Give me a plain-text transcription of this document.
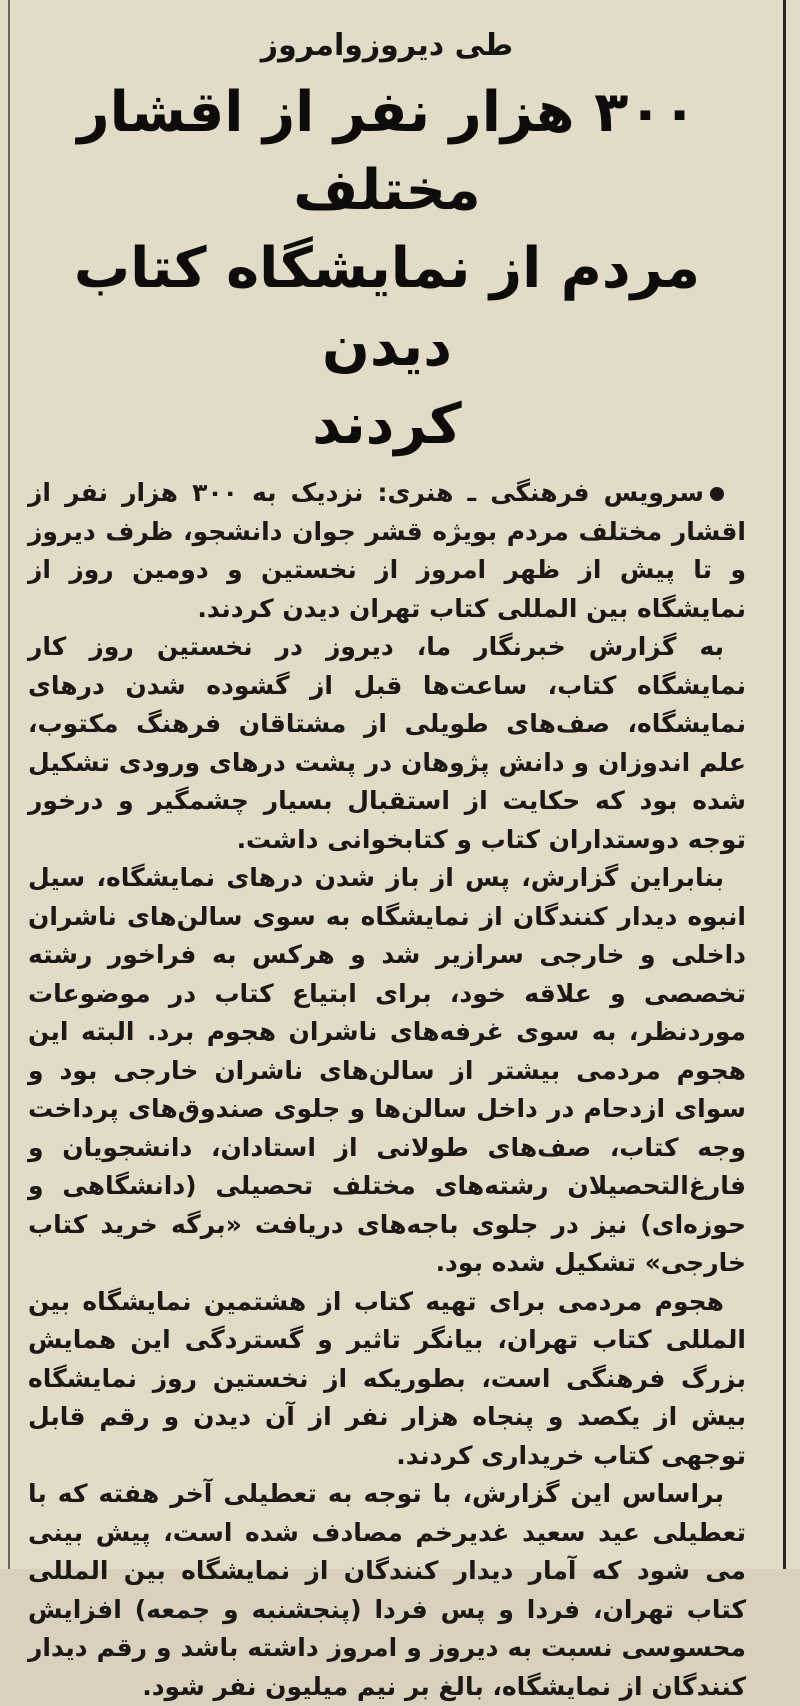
طی دیروزوامروز
۳۰۰ هزار نفر از اقشار مختلف
مردم از نمایشگاه کتاب دیدن
کردند

سرویس فرهنگی ـ هنری: نزدیک به ۳۰۰ هزار نفر از اقشار مختلف مردم بویژه قشر جوان دانشجو، ظرف دیروز و تا پیش از ظهر امروز از نخستین و دومین روز از نمایشگاه بین المللی کتاب تهران دیدن کردند.

به گزارش خبرنگار ما، دیروز در نخستین روز کار نمایشگاه کتاب، ساعت‌ها قبل از گشوده شدن درهای نمایشگاه، صف‌های طویلی از مشتاقان فرهنگ مکتوب، علم اندوزان و دانش پژوهان در پشت درهای ورودی تشکیل شده بود که حکایت از استقبال بسیار چشمگیر و درخور توجه دوستداران کتاب و کتابخوانی داشت.

بنابراین گزارش، پس از باز شدن درهای نمایشگاه، سیل انبوه دیدار کنندگان از نمایشگاه به سوی سالن‌های ناشران داخلی و خارجی سرازیر شد و هرکس به فراخور رشته تخصصی و علاقه خود، برای ابتیاع کتاب در موضوعات موردنظر، به سوی غرفه‌های ناشران هجوم برد. البته این هجوم مردمی بیشتر از سالن‌های ناشران خارجی بود و سوای ازدحام در داخل سالن‌ها و جلوی صندوق‌های پرداخت وجه کتاب، صف‌های طولانی از استادان، دانشجویان و فارغ‌التحصیلان رشته‌های مختلف تحصیلی (دانشگاهی و حوزه‌ای) نیز در جلوی باجه‌های دریافت «برگه خرید کتاب خارجی» تشکیل شده بود.

هجوم مردمی برای تهیه کتاب از هشتمین نمایشگاه بین المللی کتاب تهران، بیانگر تاثیر و گستردگی این همایش بزرگ فرهنگی است، بطوریکه از نخستین روز نمایشگاه بیش از یکصد و پنجاه هزار نفر از آن دیدن و رقم قابل توجهی کتاب خریداری کردند.

براساس این گزارش، با توجه به تعطیلی آخر هفته که با تعطیلی عید سعید غدیرخم مصادف شده است، پیش بینی می شود که آمار دیدار کنندگان از نمایشگاه بین المللی کتاب تهران، فردا و پس فردا (پنجشنبه و جمعه) افزایش محسوسی نسبت به دیروز و امروز داشته باشد و رقم دیدار کنندگان از نمایشگاه، بالغ بر نیم میلیون نفر شود.
